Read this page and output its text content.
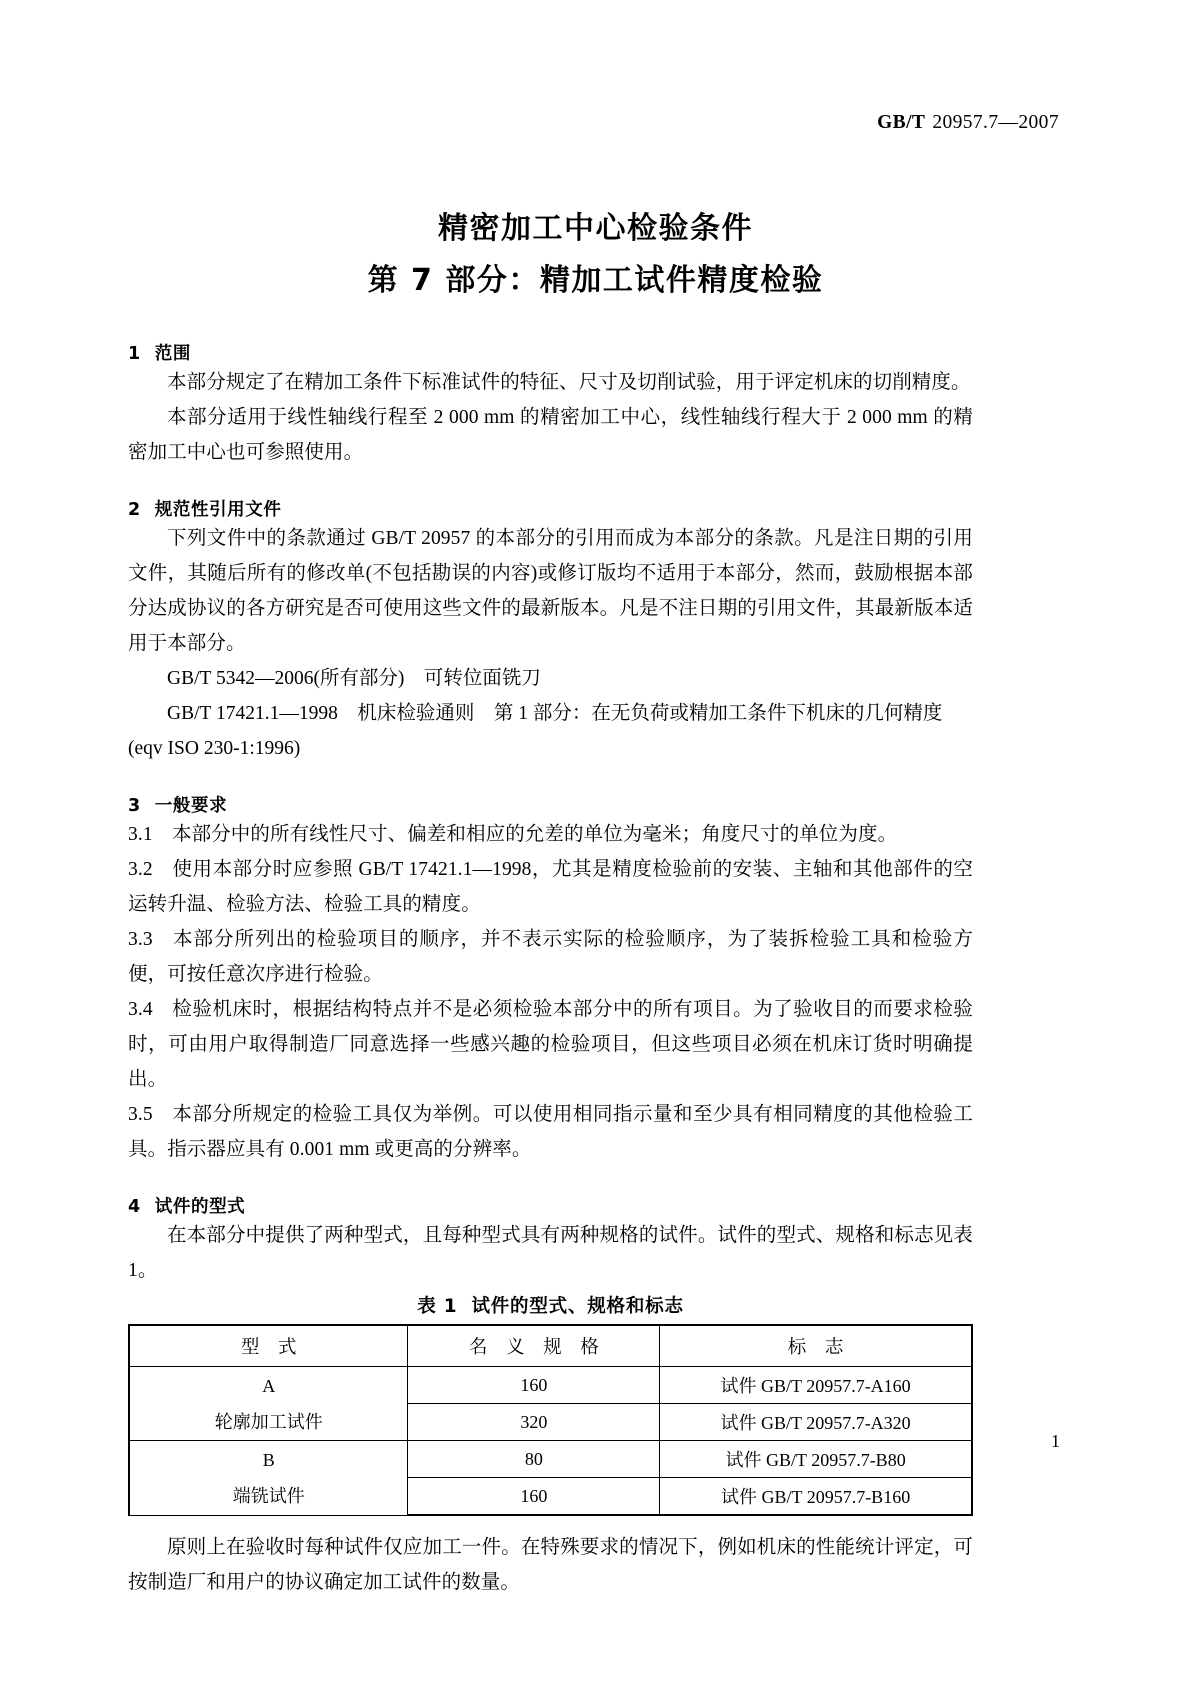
GB/T 20957.7—2007
精密加工中心检验条件
第 7 部分：精加工试件精度检验
1 范围

本部分规定了在精加工条件下标准试件的特征、尺寸及切削试验，用于评定机床的切削精度。

本部分适用于线性轴线行程至 2 000 mm 的精密加工中心，线性轴线行程大于 2 000 mm 的精密加工中心也可参照使用。

2 规范性引用文件

下列文件中的条款通过 GB/T 20957 的本部分的引用而成为本部分的条款。凡是注日期的引用文件，其随后所有的修改单(不包括勘误的内容)或修订版均不适用于本部分，然而，鼓励根据本部分达成协议的各方研究是否可使用这些文件的最新版本。凡是不注日期的引用文件，其最新版本适用于本部分。

GB/T 5342—2006(所有部分)　可转位面铣刀

GB/T 17421.1—1998　机床检验通则　第 1 部分：在无负荷或精加工条件下机床的几何精度(eqv ISO 230-1:1996)

3 一般要求

3.1 本部分中的所有线性尺寸、偏差和相应的允差的单位为毫米；角度尺寸的单位为度。

3.2 使用本部分时应参照 GB/T 17421.1—1998，尤其是精度检验前的安装、主轴和其他部件的空运转升温、检验方法、检验工具的精度。

3.3 本部分所列出的检验项目的顺序，并不表示实际的检验顺序，为了装拆检验工具和检验方便，可按任意次序进行检验。

3.4 检验机床时，根据结构特点并不是必须检验本部分中的所有项目。为了验收目的而要求检验时，可由用户取得制造厂同意选择一些感兴趣的检验项目，但这些项目必须在机床订货时明确提出。

3.5 本部分所规定的检验工具仅为举例。可以使用相同指示量和至少具有相同精度的其他检验工具。指示器应具有 0.001 mm 或更高的分辨率。

4 试件的型式

在本部分中提供了两种型式，且每种型式具有两种规格的试件。试件的型式、规格和标志见表 1。

表 1 试件的型式、规格和标志
型 式	名 义 规 格	标 志

A
轮廓加工试件	160	试件 GB/T 20957.7-A160
	320	试件 GB/T 20957.7-A320

B
端铣试件	80	试件 GB/T 20957.7-B80
	160	试件 GB/T 20957.7-B160

原则上在验收时每种试件仅应加工一件。在特殊要求的情况下，例如机床的性能统计评定，可按制造厂和用户的协议确定加工试件的数量。

1
